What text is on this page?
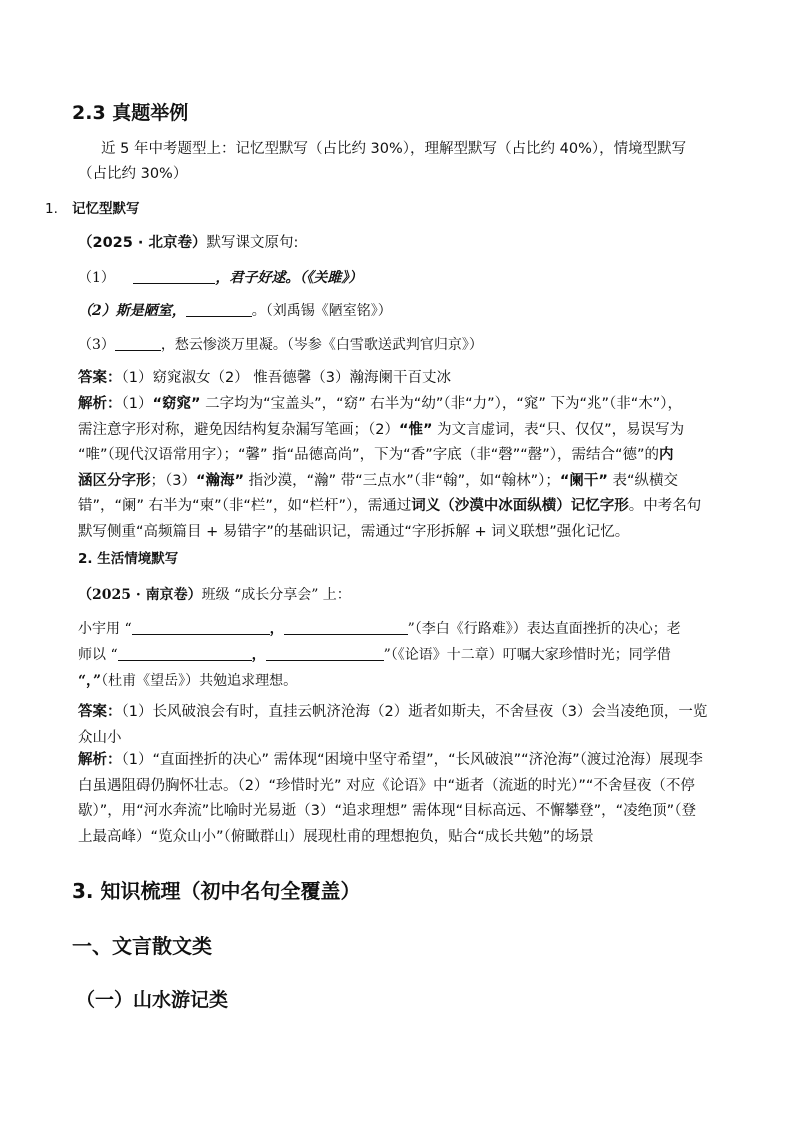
2.3 真题举例
近 5 年中考题型上：记忆型默写（占比约 30%），理解型默写（占比约 40%），情境型默写
（占比约 30%）
1. 记忆型默写
（2025 · 北京卷）默写课文原句:
（1）	，君子好逑。（《关雎》）
（2）斯是陋室，	。（刘禹锡《陋室铭》）
（3）	，愁云惨淡万里凝。（岑参《白雪歌送武判官归京》）
答案：（1）窈窕淑女（2） 惟吾德馨（3）瀚海阑干百丈冰
解析：（1）“窈窕” 二字均为“宝盖头”，“窈” 右半为“幼”（非“力”），“窕” 下为“兆”（非“木”），
需注意字形对称，避免因结构复杂漏写笔画；（2）“惟” 为文言虚词，表“只、仅仅”，易误写为
“唯”（现代汉语常用字）；“馨” 指“品德高尚”，下为“香”字底（非“磬”“罄”），需结合“德”的内
涵区分字形；（3）“瀚海” 指沙漠，“瀚” 带“三点水”（非“翰”，如“翰林”）；“阑干” 表“纵横交
错”，“阑” 右半为“柬”（非“栏”，如“栏杆”），需通过词义（沙漠中冰面纵横）记忆字形。中考名句
默写侧重“高频篇目 + 易错字”的基础识记，需通过“字形拆解 + 词义联想”强化记忆。
2. 生活情境默写
（2025 · 南京卷）班级 “成长分享会” 上：
小宇用 “	，	”（李白《行路难》）表达直面挫折的决心；老
师以 “	，	”（《论语》十二章）叮嘱大家珍惜时光；同学借
“，”（杜甫《望岳》）共勉追求理想。
答案：（1）长风破浪会有时，直挂云帆济沧海（2）逝者如斯夫，不舍昼夜（3）会当凌绝顶，一览
众山小
解析：（1）“直面挫折的决心” 需体现“困境中坚守希望”，“长风破浪”“济沧海”（渡过沧海）展现李
白虽遇阻碍仍胸怀壮志。（2）“珍惜时光” 对应《论语》中“逝者（流逝的时光）”“不舍昼夜（不停
歇）”，用“河水奔流”比喻时光易逝（3）“追求理想” 需体现“目标高远、不懈攀登”，“凌绝顶”（登
上最高峰）“览众山小”（俯瞰群山）展现杜甫的理想抱负，贴合“成长共勉”的场景
3. 知识梳理（初中名句全覆盖）
一、文言散文类
（一）山水游记类
